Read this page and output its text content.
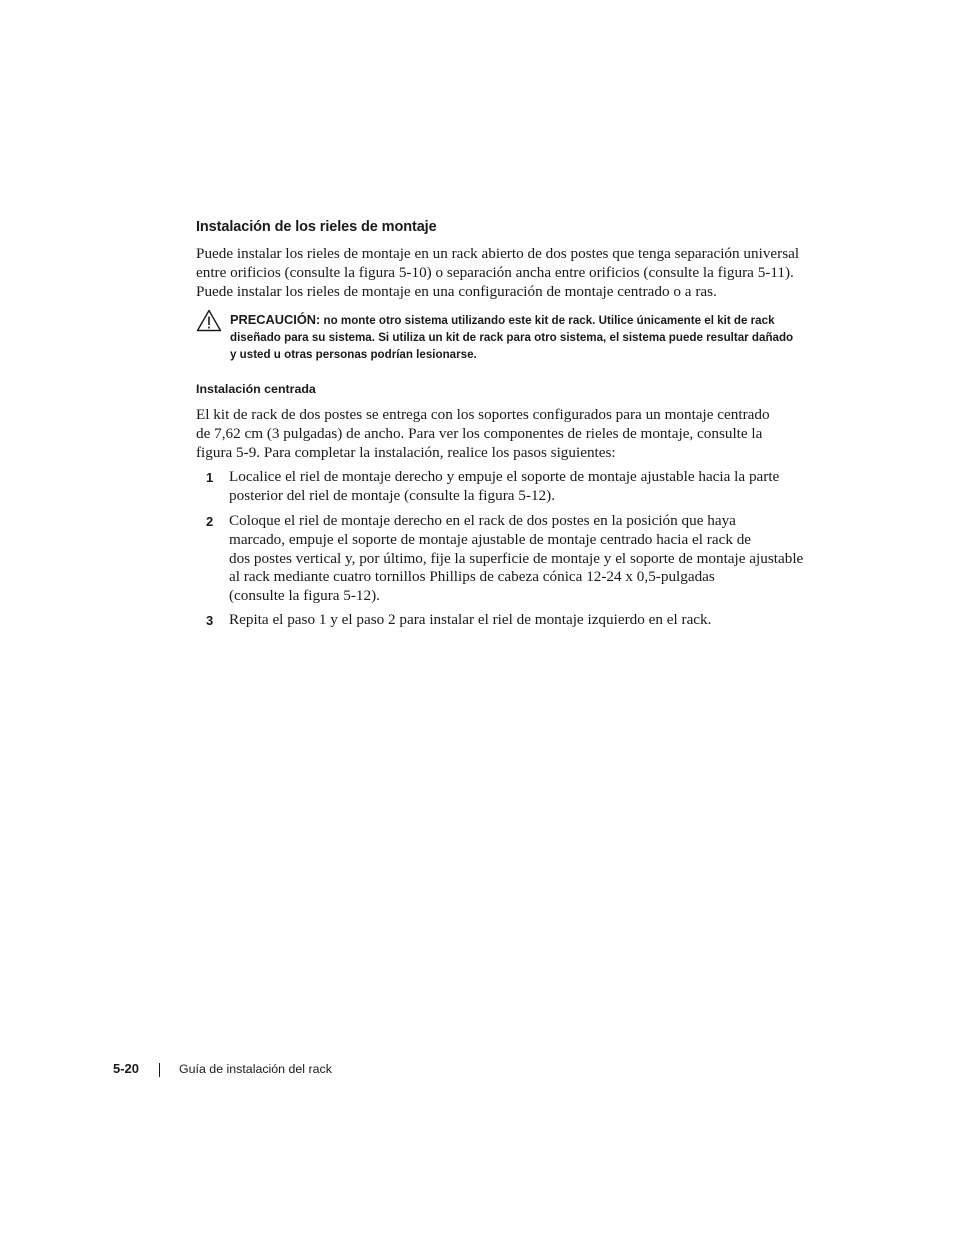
Instalación de los rieles de montaje
Puede instalar los rieles de montaje en un rack abierto de dos postes que tenga separación universal
entre orificios (consulte la figura 5-10) o separación ancha entre orificios (consulte la figura 5-11).
Puede instalar los rieles de montaje en una configuración de montaje centrado o a ras.
PRECAUCIÓN: no monte otro sistema utilizando este kit de rack. Utilice únicamente el kit de rack
diseñado para su sistema. Si utiliza un kit de rack para otro sistema, el sistema puede resultar dañado
y usted u otras personas podrían lesionarse.
Instalación centrada
El kit de rack de dos postes se entrega con los soportes configurados para un montaje centrado
de 7,62 cm (3 pulgadas) de ancho. Para ver los componentes de rieles de montaje, consulte la
figura 5-9. Para completar la instalación, realice los pasos siguientes:
1 Localice el riel de montaje derecho y empuje el soporte de montaje ajustable hacia la parte
posterior del riel de montaje (consulte la figura 5-12).
2 Coloque el riel de montaje derecho en el rack de dos postes en la posición que haya
marcado, empuje el soporte de montaje ajustable de montaje centrado hacia el rack de
dos postes vertical y, por último, fije la superficie de montaje y el soporte de montaje ajustable
al rack mediante cuatro tornillos Phillips de cabeza cónica 12-24 x 0,5-pulgadas
(consulte la figura 5-12).
3 Repita el paso 1 y el paso 2 para instalar el riel de montaje izquierdo en el rack.
5-20	Guía de instalación del rack
